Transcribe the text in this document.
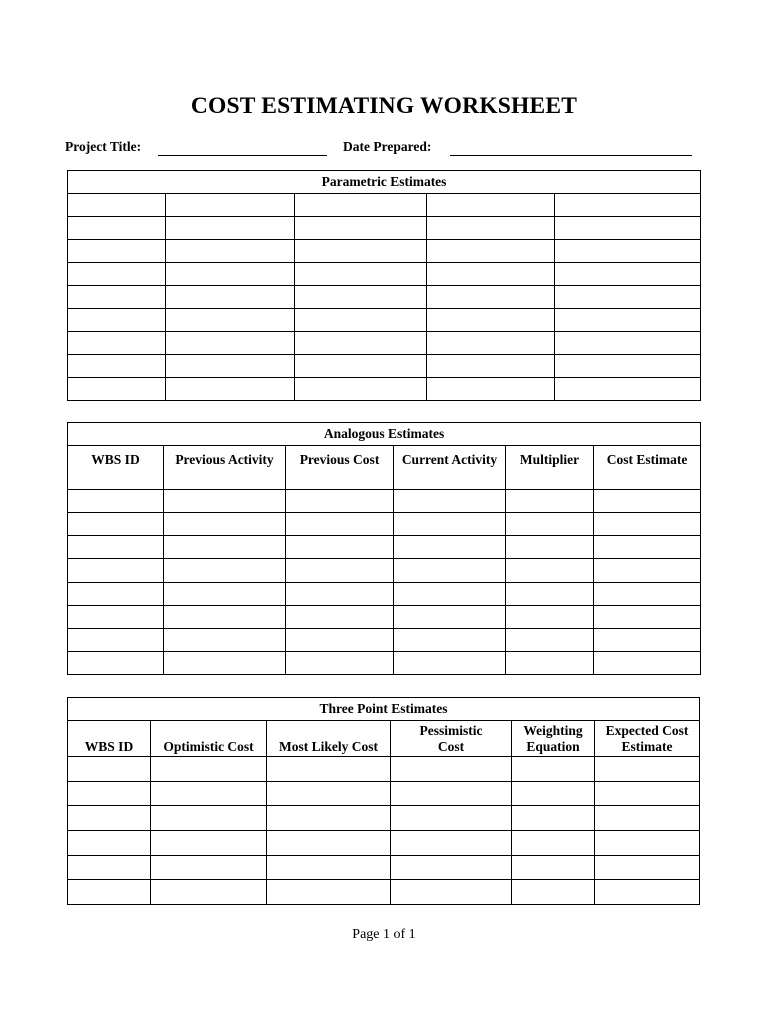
COST ESTIMATING WORKSHEET
Project Title:	Date Prepared:
Parametric Estimates				

Analogous Estimates					
WBS ID	Previous Activity	Previous Cost	Current Activity	Multiplier	Cost Estimate

Three Point Estimates					
WBS ID	Optimistic Cost	Most Likely Cost	Pessimistic Cost	Weighting Equation	Expected Cost Estimate

Page 1 of 1
